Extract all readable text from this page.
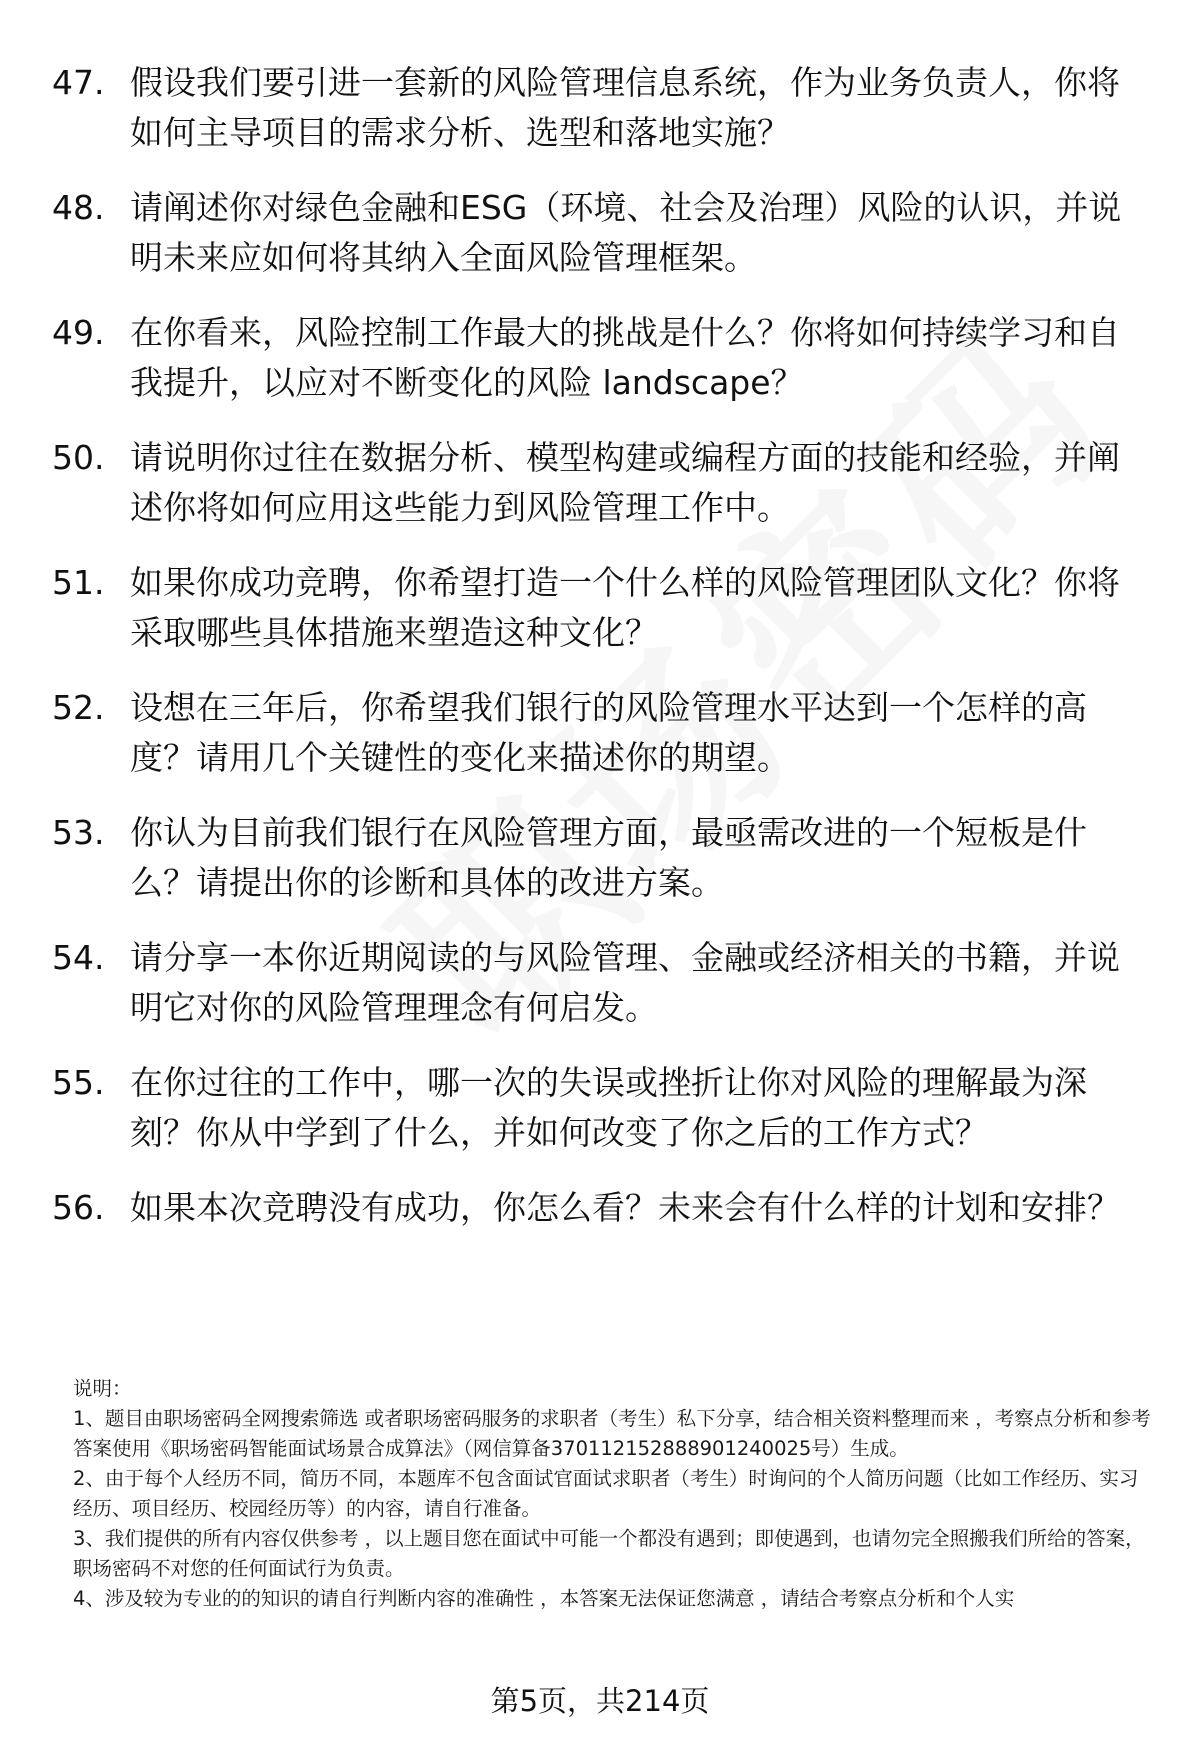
47. 假设我们要引进一套新的风险管理信息系统，作为业务负责人，你将如何主导项目的需求分析、选型和落地实施？
48. 请阐述你对绿色金融和ESG（环境、社会及治理）风险的认识，并说明未来应如何将其纳入全面风险管理框架。
49. 在你看来，风险控制工作最大的挑战是什么？你将如何持续学习和自我提升，以应对不断变化的风险 landscape？
50. 请说明你过往在数据分析、模型构建或编程方面的技能和经验，并阐述你将如何应用这些能力到风险管理工作中。
51. 如果你成功竞聘，你希望打造一个什么样的风险管理团队文化？你将采取哪些具体措施来塑造这种文化？
52. 设想在三年后，你希望我们银行的风险管理水平达到一个怎样的高度？请用几个关键性的变化来描述你的期望。
53. 你认为目前我们银行在风险管理方面，最亟需改进的一个短板是什么？请提出你的诊断和具体的改进方案。
54. 请分享一本你近期阅读的与风险管理、金融或经济相关的书籍，并说明它对你的风险管理理念有何启发。
55. 在你过往的工作中，哪一次的失误或挫折让你对风险的理解最为深刻？你从中学到了什么，并如何改变了你之后的工作方式？
56. 如果本次竞聘没有成功，你怎么看？未来会有什么样的计划和安排？

说明：

1、题目由职场密码全网搜索筛选 或者职场密码服务的求职者（考生）私下分享，结合相关资料整理而来 ，考察点分析和参考答案使用《职场密码智能面试场景合成算法》（网信算备370112152888901240025号）生成。

2、由于每个人经历不同，简历不同，本题库不包含面试官面试求职者（考生）时询问的个人简历问题（比如工作经历、实习经历、项目经历、校园经历等）的内容，请自行准备。

3、我们提供的所有内容仅供参考 ，以上题目您在面试中可能一个都没有遇到；即使遇到，也请勿完全照搬我们所给的答案，职场密码不对您的任何面试行为负责。

4、涉及较为专业的的知识的请自行判断内容的准确性 ，本答案无法保证您满意 ，请结合考察点分析和个人实

第5页，共214页
